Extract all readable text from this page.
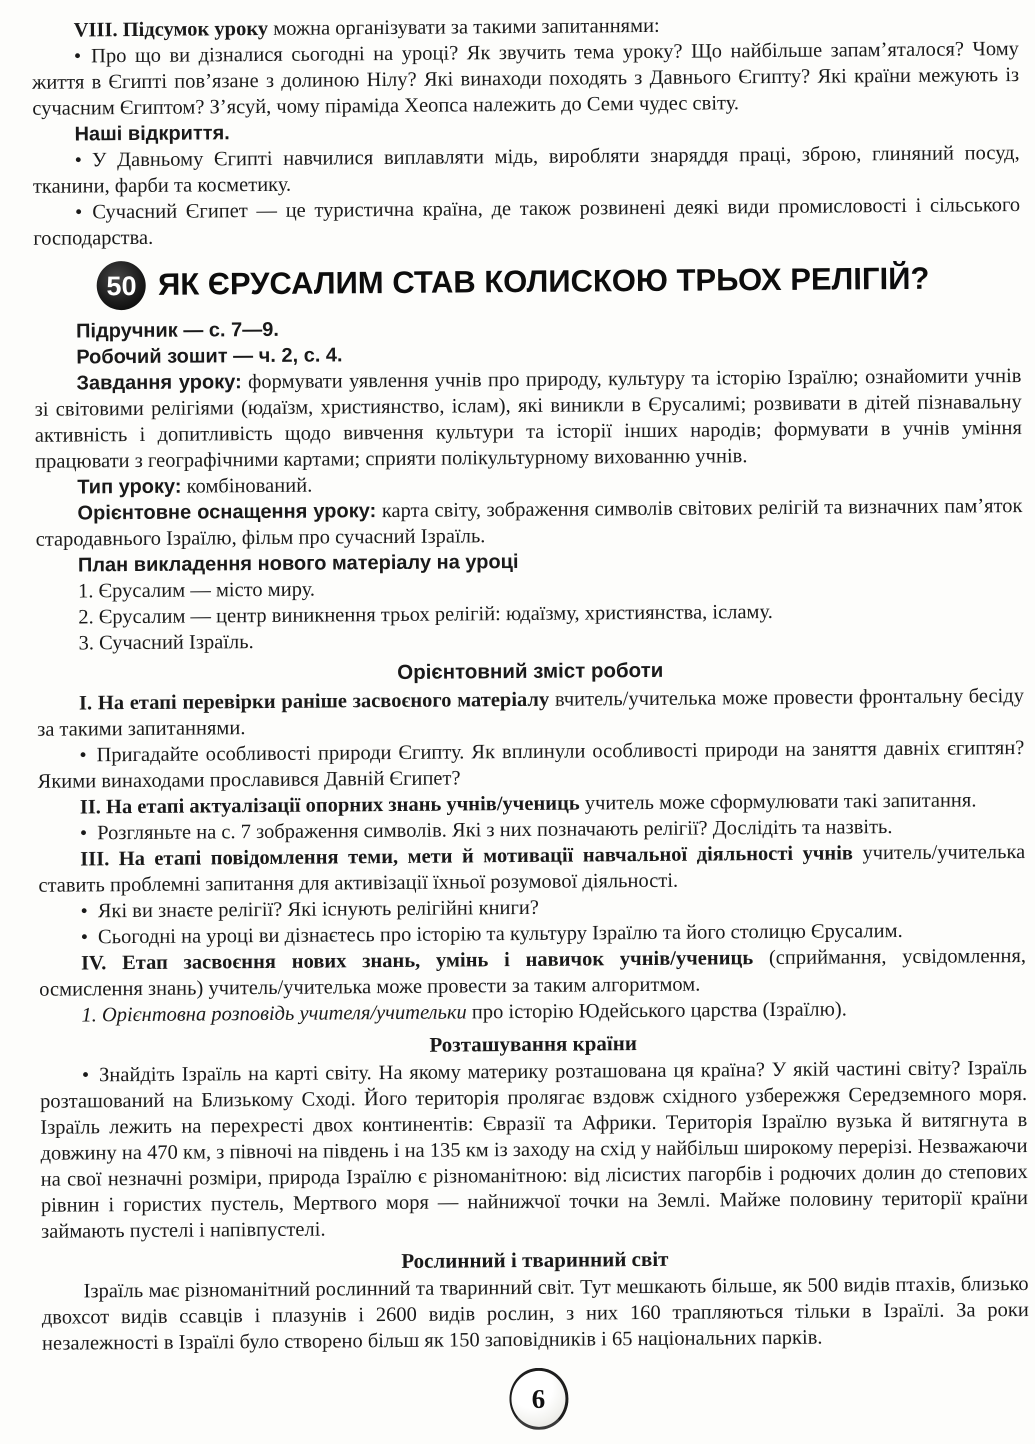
VIII. Підсумок уроку можна організувати за такими запитаннями:

• Про що ви дізналися сьогодні на уроці? Як звучить тема уроку? Що найбільше запам’яталося? Чому життя в Єгипті пов’язане з долиною Нілу? Які винаходи походять з Давнього Єгипту? Які країни межують із сучасним Єгиптом? З’ясуй, чому піраміда Хеопса належить до Семи чудес світу.

Наші відкриття.

• У Давньому Єгипті навчилися виплавляти мідь, виробляти знаряддя праці, зброю, глиняний посуд, тканини, фарби та косметику.

• Сучасний Єгипет — це туристична країна, де також розвинені деякі види промисловості і сільського господарства.

50 ЯК ЄРУСАЛИМ СТАВ КОЛИСКОЮ ТРЬОХ РЕЛІГІЙ?

Підручник — с. 7—9.

Робочий зошит — ч. 2, с. 4.

Завдання уроку: формувати уявлення учнів про природу, культуру та історію Ізраїлю; ознайомити учнів зі світовими релігіями (юдаїзм, християнство, іслам), які виникли в Єрусалимі; розвивати в дітей пізнавальну активність і допитливість щодо вивчення культури та історії інших народів; формувати в учнів уміння працювати з географічними картами; сприяти полікультурному вихованню учнів.

Тип уроку: комбінований.

Орієнтовне оснащення уроку: карта світу, зображення символів світових релігій та визначних пам’яток стародавнього Ізраїлю, фільм про сучасний Ізраїль.

План викладення нового матеріалу на уроці

1. Єрусалим — місто миру.

2. Єрусалим — центр виникнення трьох релігій: юдаїзму, християнства, ісламу.

3. Сучасний Ізраїль.

Орієнтовний зміст роботи

I. На етапі перевірки раніше засвоєного матеріалу вчитель/учителька може провести фронтальну бесіду за такими запитаннями.

• Пригадайте особливості природи Єгипту. Як вплинули особливості природи на заняття давніх єгиптян? Якими винаходами прославився Давній Єгипет?

II. На етапі актуалізації опорних знань учнів/учениць учитель може сформулювати такі запитання.

• Розгляньте на с. 7 зображення символів. Які з них позначають релігії? Дослідіть та назвіть.

III. На етапі повідомлення теми, мети й мотивації навчальної діяльності учнів учитель/учителька ставить проблемні запитання для активізації їхньої розумової діяльності.

• Які ви знаєте релігії? Які існують релігійні книги?

• Сьогодні на уроці ви дізнаєтесь про історію та культуру Ізраїлю та його столицю Єрусалим.

IV. Етап засвоєння нових знань, умінь і навичок учнів/учениць (сприймання, усвідомлення, осмислення знань) учитель/учителька може провести за таким алгоритмом.

1. Орієнтовна розповідь учителя/учительки про історію Юдейського царства (Ізраїлю).

Розташування країни

• Знайдіть Ізраїль на карті світу. На якому материку розташована ця країна? У якій частині світу? Ізраїль розташований на Близькому Сході. Його територія пролягає вздовж східного узбережжя Середземного моря. Ізраїль лежить на перехресті двох континентів: Євразії та Африки. Територія Ізраїлю вузька й витягнута в довжину на 470 км, з півночі на південь і на 135 км із заходу на схід у найбільш широкому перерізі. Незважаючи на свої незначні розміри, природа Ізраїлю є різноманітною: від лісистих пагорбів і родючих долин до степових рівнин і гористих пустель, Мертвого моря — найнижчої точки на Землі. Майже половину території країни займають пустелі і напівпустелі.

Рослинний і тваринний світ

Ізраїль має різноманітний рослинний та тваринний світ. Тут мешкають більше, як 500 видів птахів, близько двохсот видів ссавців і плазунів і 2600 видів рослин, з них 160 трапляються тільки в Ізраїлі. За роки незалежності в Ізраїлі було створено більш як 150 заповідників і 65 національних парків.

6
